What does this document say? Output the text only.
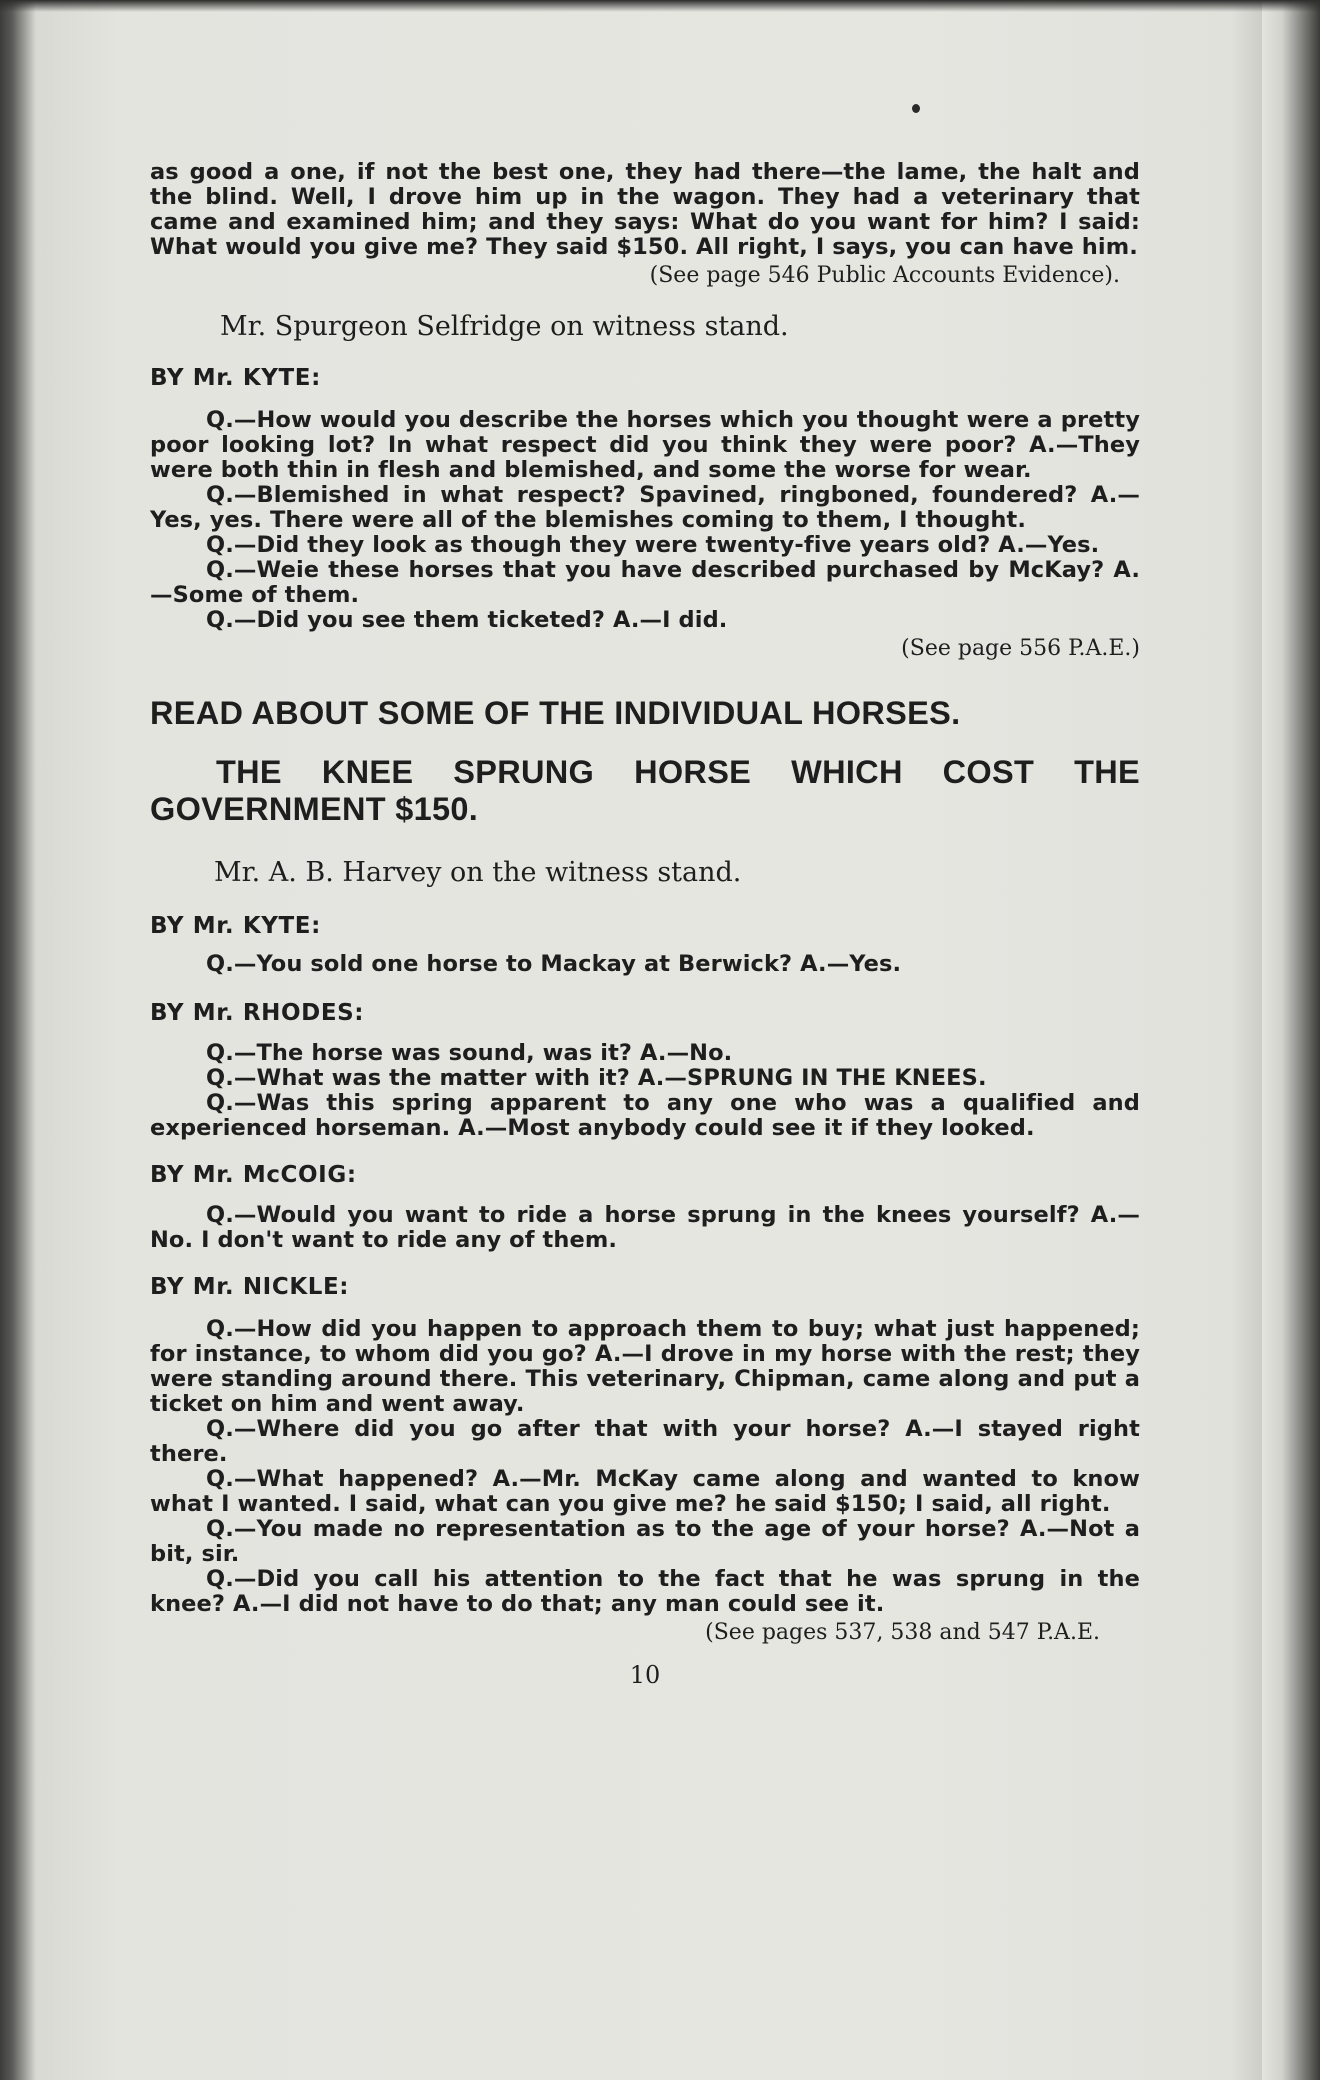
as good a one, if not the best one, they had there—the lame, the halt and the blind. Well, I drove him up in the wagon. They had a veterinary that came and examined him; and they says: What do you want for him? I said: What would you give me? They said $150. All right, I says, you can have him.

(See page 546 Public Accounts Evidence).

Mr. Spurgeon Selfridge on witness stand.

BY Mr. KYTE:

Q.—How would you describe the horses which you thought were a pretty poor looking lot? In what respect did you think they were poor? A.—They were both thin in flesh and blemished, and some the worse for wear.

Q.—Blemished in what respect? Spavined, ringboned, foundered? A.—Yes, yes. There were all of the blemishes coming to them, I thought.

Q.—Did they look as though they were twenty-five years old? A.—Yes.

Q.—Weie these horses that you have described purchased by McKay? A.—Some of them.

Q.—Did you see them ticketed? A.—I did.

(See page 556 P.A.E.)

READ ABOUT SOME OF THE INDIVIDUAL HORSES.

THE KNEE SPRUNG HORSE WHICH COST THE GOVERNMENT $150.

Mr. A. B. Harvey on the witness stand.

BY Mr. KYTE:

Q.—You sold one horse to Mackay at Berwick? A.—Yes.

BY Mr. RHODES:

Q.—The horse was sound, was it? A.—No.

Q.—What was the matter with it? A.—SPRUNG IN THE KNEES.

Q.—Was this spring apparent to any one who was a qualified and experienced horseman. A.—Most anybody could see it if they looked.

BY Mr. McCOIG:

Q.—Would you want to ride a horse sprung in the knees yourself? A.—No. I don't want to ride any of them.

BY Mr. NICKLE:

Q.—How did you happen to approach them to buy; what just happened; for instance, to whom did you go? A.—I drove in my horse with the rest; they were standing around there. This veterinary, Chipman, came along and put a ticket on him and went away.

Q.—Where did you go after that with your horse? A.—I stayed right there.

Q.—What happened? A.—Mr. McKay came along and wanted to know what I wanted. I said, what can you give me? he said $150; I said, all right.

Q.—You made no representation as to the age of your horse? A.—Not a bit, sir.

Q.—Did you call his attention to the fact that he was sprung in the knee? A.—I did not have to do that; any man could see it.

(See pages 537, 538 and 547 P.A.E.

10
